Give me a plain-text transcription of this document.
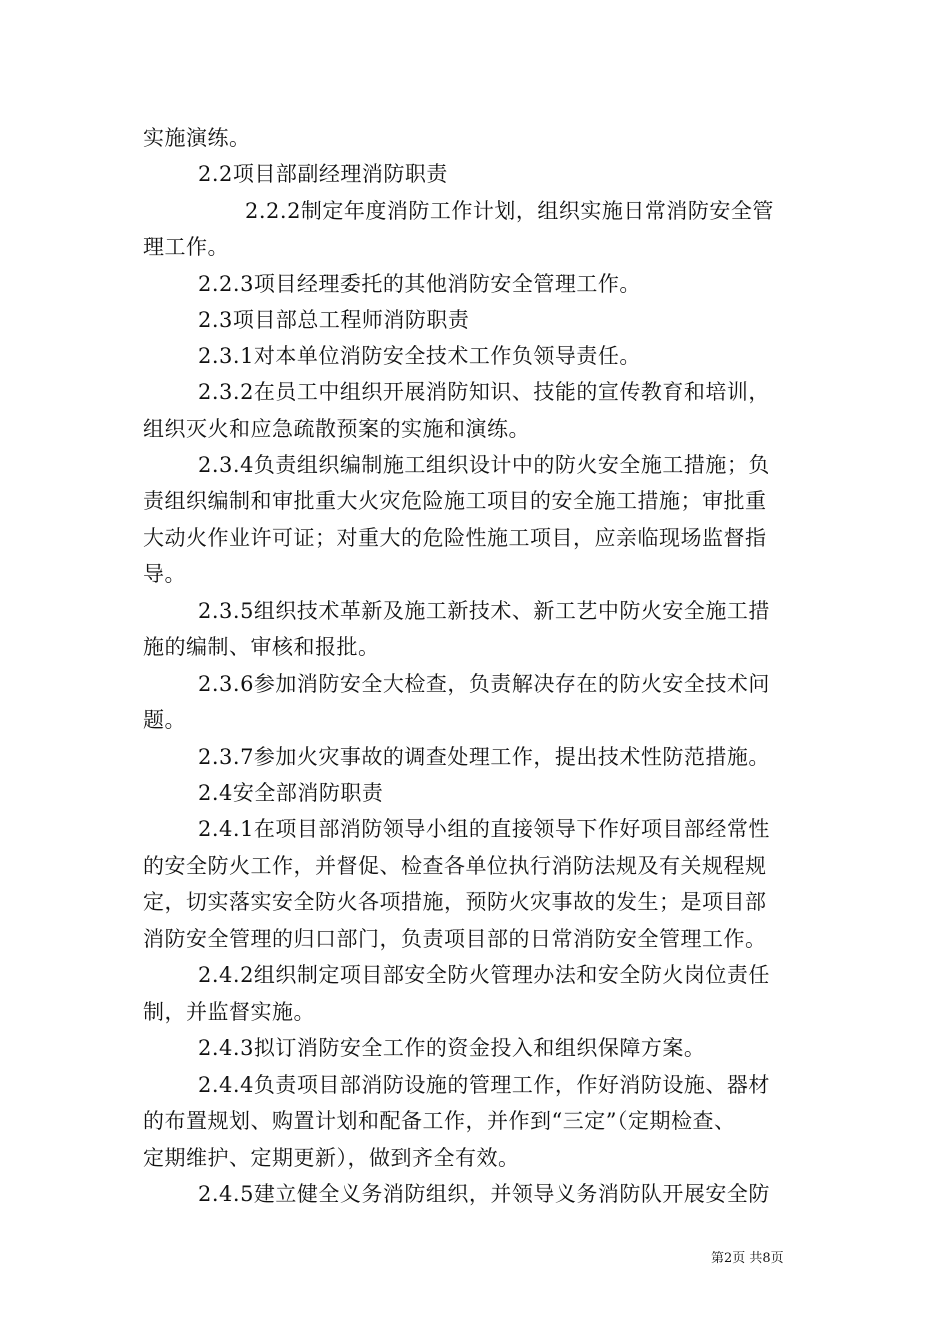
实施演练。
2.2项目部副经理消防职责
2.2.2制定年度消防工作计划，组织实施日常消防安全管
理工作。
2.2.3项目经理委托的其他消防安全管理工作。
2.3项目部总工程师消防职责
2.3.1对本单位消防安全技术工作负领导责任。
2.3.2在员工中组织开展消防知识、技能的宣传教育和培训，
组织灭火和应急疏散预案的实施和演练。
2.3.4负责组织编制施工组织设计中的防火安全施工措施；负
责组织编制和审批重大火灾危险施工项目的安全施工措施；审批重
大动火作业许可证；对重大的危险性施工项目，应亲临现场监督指
导。
2.3.5组织技术革新及施工新技术、新工艺中防火安全施工措
施的编制、审核和报批。
2.3.6参加消防安全大检查，负责解决存在的防火安全技术问
题。
2.3.7参加火灾事故的调查处理工作，提出技术性防范措施。
2.4安全部消防职责
2.4.1在项目部消防领导小组的直接领导下作好项目部经常性
的安全防火工作，并督促、检查各单位执行消防法规及有关规程规
定，切实落实安全防火各项措施，预防火灾事故的发生；是项目部
消防安全管理的归口部门，负责项目部的日常消防安全管理工作。
2.4.2组织制定项目部安全防火管理办法和安全防火岗位责任
制，并监督实施。
2.4.3拟订消防安全工作的资金投入和组织保障方案。
2.4.4负责项目部消防设施的管理工作，作好消防设施、器材
的布置规划、购置计划和配备工作，并作到“三定”（定期检查、
定期维护、定期更新），做到齐全有效。
2.4.5建立健全义务消防组织，并领导义务消防队开展安全防
第2页 共8页
